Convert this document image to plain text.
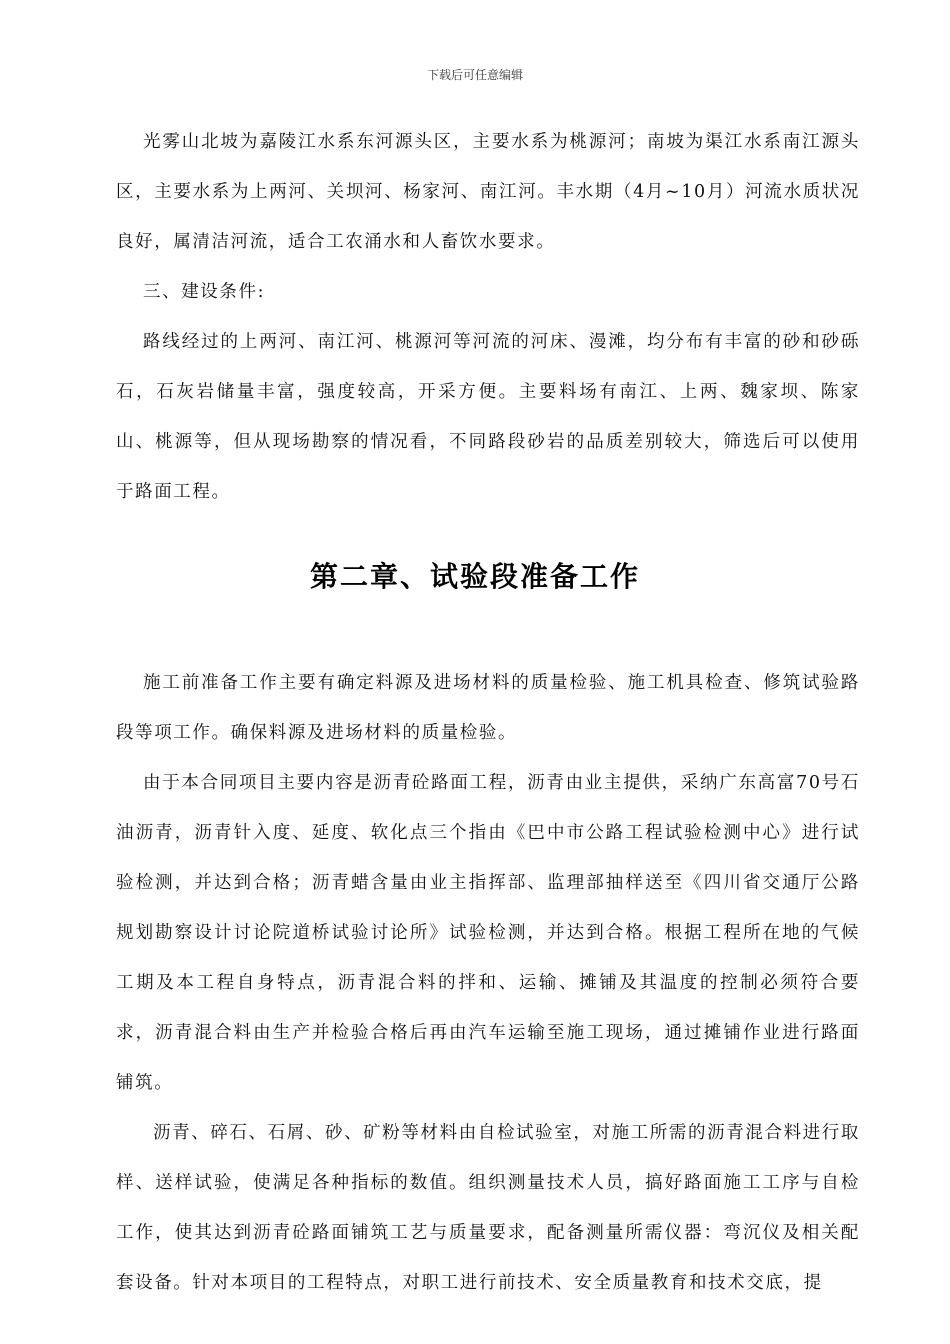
下载后可任意编辑

光雾山北坡为嘉陵江水系东河源头区，主要水系为桃源河；南坡为渠江水系南江源头区，主要水系为上两河、关坝河、杨家河、南江河。丰水期（4月~10月）河流水质状况良好，属清洁河流，适合工农涌水和人畜饮水要求。

三、建设条件:

路线经过的上两河、南江河、桃源河等河流的河床、漫滩，均分布有丰富的砂和砂砾石，石灰岩储量丰富，强度较高，开采方便。主要料场有南江、上两、魏家坝、陈家山、桃源等，但从现场勘察的情况看，不同路段砂岩的品质差别较大，筛选后可以使用于路面工程。

第二章、试验段准备工作

施工前准备工作主要有确定料源及进场材料的质量检验、施工机具检查、修筑试验路段等项工作。确保料源及进场材料的质量检验。

由于本合同项目主要内容是沥青砼路面工程，沥青由业主提供，采纳广东高富70号石油沥青，沥青针入度、延度、软化点三个指由《巴中市公路工程试验检测中心》进行试验检测，并达到合格；沥青蜡含量由业主指挥部、监理部抽样送至《四川省交通厅公路规划勘察设计讨论院道桥试验讨论所》试验检测，并达到合格。根据工程所在地的气候工期及本工程自身特点，沥青混合料的拌和、运输、摊铺及其温度的控制必须符合要求，沥青混合料由生产并检验合格后再由汽车运输至施工现场，通过摊铺作业进行路面铺筑。

沥青、碎石、石屑、砂、矿粉等材料由自检试验室，对施工所需的沥青混合料进行取样、送样试验，使满足各种指标的数值。组织测量技术人员，搞好路面施工工序与自检工作，使其达到沥青砼路面铺筑工艺与质量要求，配备测量所需仪器：弯沉仪及相关配套设备。针对本项目的工程特点，对职工进行前技术、安全质量教育和技术交底，提
